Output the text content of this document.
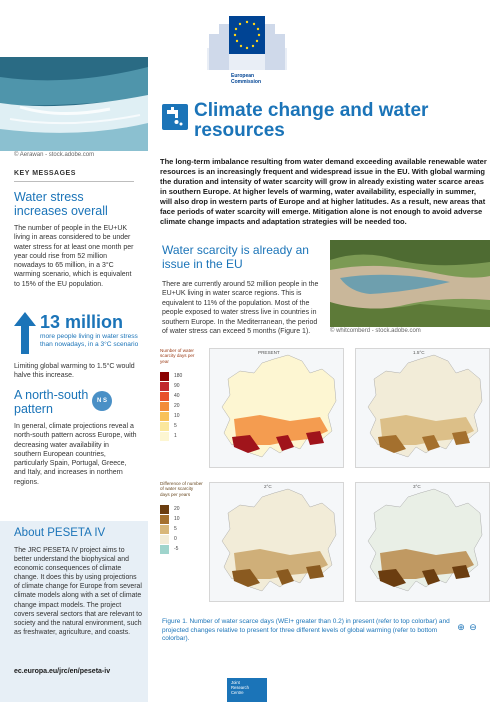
European
Commission
© Aerawan - stock.adobe.com
KEY MESSAGES
Water stress increases overall
The number of people in the EU+UK living in areas considered to be under water stress for at least one month per year could rise from 52 million nowadays to 65 million, in a 3°C warming scenario, which is equivalent to 15% of the EU population.
13 million
more people living in water stress than nowadays, in a 3°C scenario
Limiting global warming to 1.5°C would halve this increase.
A north-south pattern
N S
In general, climate projections reveal a north-south pattern across Europe, with decreasing water availability in southern European countries, particularly Spain, Portugal, Greece, and Italy, and increases in northern regions.
About PESETA IV
The JRC PESETA IV project aims to better understand the biophysical and economic consequences of climate change. It does this by using projections of climate change for Europe from several climate models along with a set of climate change impact models. The project covers several sectors that are relevant to society and the natural environment, such as freshwater, agriculture, and coasts.
ec.europa.eu/jrc/en/peseta-iv
Climate change and water resources
The long-term imbalance resulting from water demand exceeding available renewable water resources is an increasingly frequent and widespread issue in the EU. With global warming the duration and intensity of water scarcity will grow in already existing water scarce areas in southern Europe. At higher levels of warming, water availability, especially in summer, will also drop in western parts of Europe and at higher latitudes. As a result, new areas that face periods of water scarcity will emerge. Mitigation alone is not enough to avoid adverse climate change impacts and adaptation strategies will be needed too.
Water scarcity is already an issue in the EU
There are currently around 52 million people in the EU+UK living in water scarce regions. This is equivalent to 11% of the population. Most of the people exposed to water stress live in countries in southern Europe. In the Mediterranean, the period of water stress can exceed 5 months (Figure 1).	© whitcomberd - stock.adobe.com
Number of water scarcity days per year
180
90
40
20
10
5
1
Difference of number of water scarcity days per years
20
10
5
0
-5
PRESENT	1.5°C
2°C	3°C
Figure 1. Number of water scarce days (WEI+ greater than 0.2) in present (refer to top colorbar) and projected changes relative to present for three different levels of global warming (refer to bottom colorbar).
⊕ ⊖
Joint
Research
Centre
